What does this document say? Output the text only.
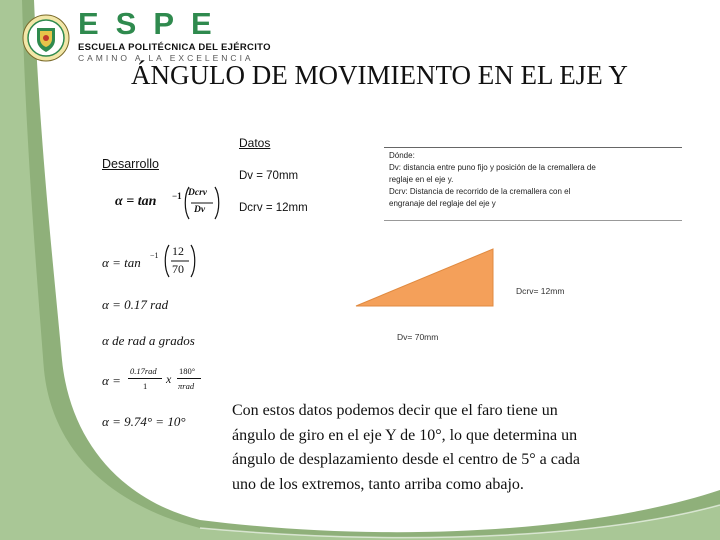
ESPE
ESCUELA POLITÉCNICA DEL EJÉRCITO
CAMINO A LA EXCELENCIA
ÁNGULO DE MOVIMIENTO EN EL EJE Y
Datos
Dv = 70mm
Dcrv = 12mm
Desarrollo
α = tan −1 Dcrv
Dv
α = tan −1 12
70
α = 0.17 rad
α de rad a grados
α =
0.17rad
1 x
180°
πrad
α = 9.74° = 10°
Dónde:
Dv: distancia entre puno fijo y posición de la cremallera de
reglaje en el eje y.
Dcrv: Distancia de recorrido de la cremallera con el
engranaje del reglaje del eje y
Dcrv= 12mm
Dv= 70mm
Con estos datos podemos decir que el faro tiene un
ángulo de giro en el eje Y de 10°, lo que determina un
ángulo de desplazamiento desde el centro de 5° a cada
uno de los extremos, tanto arriba como abajo.
